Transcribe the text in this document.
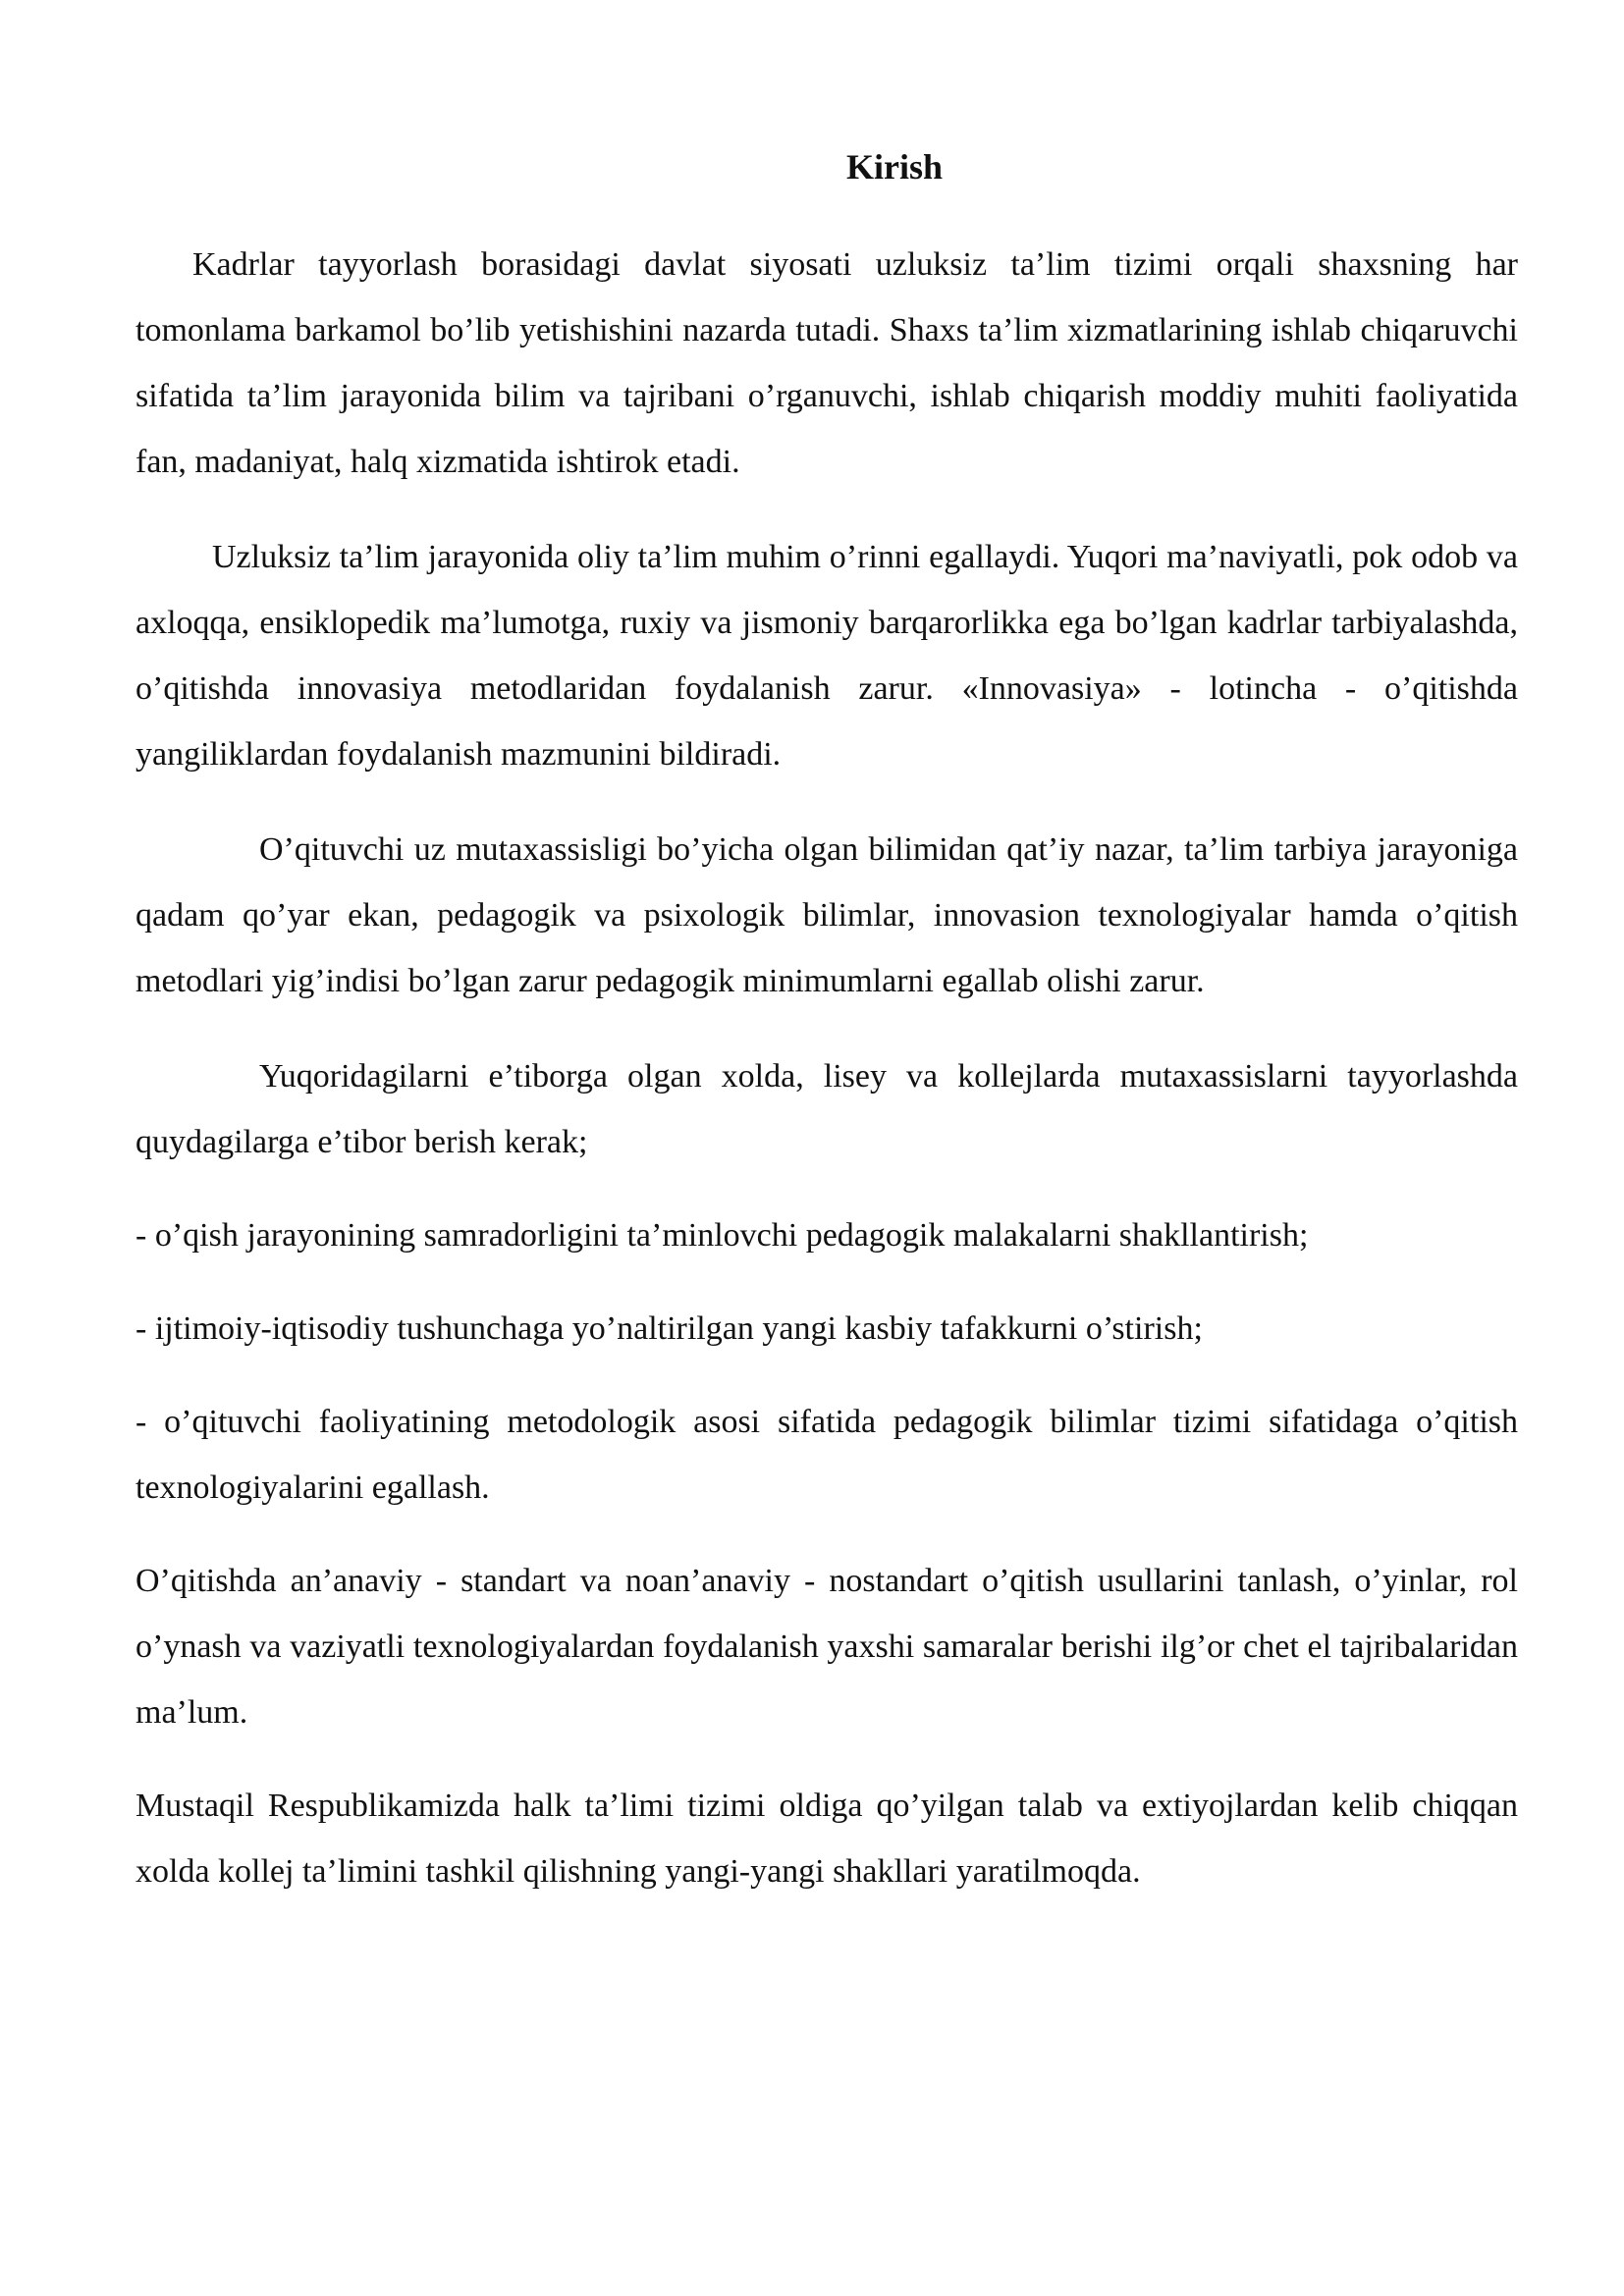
Kirish

Kadrlar tayyorlash borasidagi davlat siyosati uzluksiz ta’lim tizimi orqali shaxsning har tomonlama barkamol bo’lib yetishishini nazarda tutadi. Shaxs ta’lim xizmatlarining ishlab chiqaruvchi sifatida ta’lim jarayonida bilim va tajribani o’rganuvchi, ishlab chiqarish moddiy muhiti faoliyatida fan, madaniyat, halq xizmatida ishtirok etadi.

Uzluksiz ta’lim jarayonida oliy ta’lim muhim o’rinni egallaydi. Yuqori ma’naviyatli, pok odob va axloqqa, ensiklopedik ma’lumotga, ruxiy va jismoniy barqarorlikka ega bo’lgan kadrlar tarbiyalashda, o’qitishda innovasiya metodlaridan foydalanish zarur. «Innovasiya» - lotincha - o’qitishda yangiliklardan foydalanish mazmunini bildiradi.

O’qituvchi uz mutaxassisligi bo’yicha olgan bilimidan qat’iy nazar, ta’lim tarbiya jarayoniga qadam qo’yar ekan, pedagogik va psixologik bilimlar, innovasion texnologiyalar hamda o’qitish metodlari yig’indisi bo’lgan zarur pedagogik minimumlarni egallab olishi zarur.

Yuqoridagilarni e’tiborga olgan xolda, lisey va kollejlarda mutaxassislarni tayyorlashda quydagilarga e’tibor berish kerak;

- o’qish jarayonining samradorligini ta’minlovchi pedagogik malakalarni shakllantirish;

- ijtimoiy-iqtisodiy tushunchaga yo’naltirilgan yangi kasbiy tafakkurni o’stirish;

- o’qituvchi faoliyatining metodologik asosi sifatida pedagogik bilimlar tizimi sifatidaga o’qitish texnologiyalarini egallash.

O’qitishda an’anaviy - standart va noan’anaviy - nostandart o’qitish usullarini tanlash, o’yinlar, rol o’ynash va vaziyatli texnologiyalardan foydalanish yaxshi samaralar berishi ilg’or chet el tajribalaridan ma’lum.

Mustaqil Respublikamizda halk ta’limi tizimi oldiga qo’yilgan talab va extiyojlardan kelib chiqqan xolda kollej ta’limini tashkil qilishning yangi-yangi shakllari yaratilmoqda.
